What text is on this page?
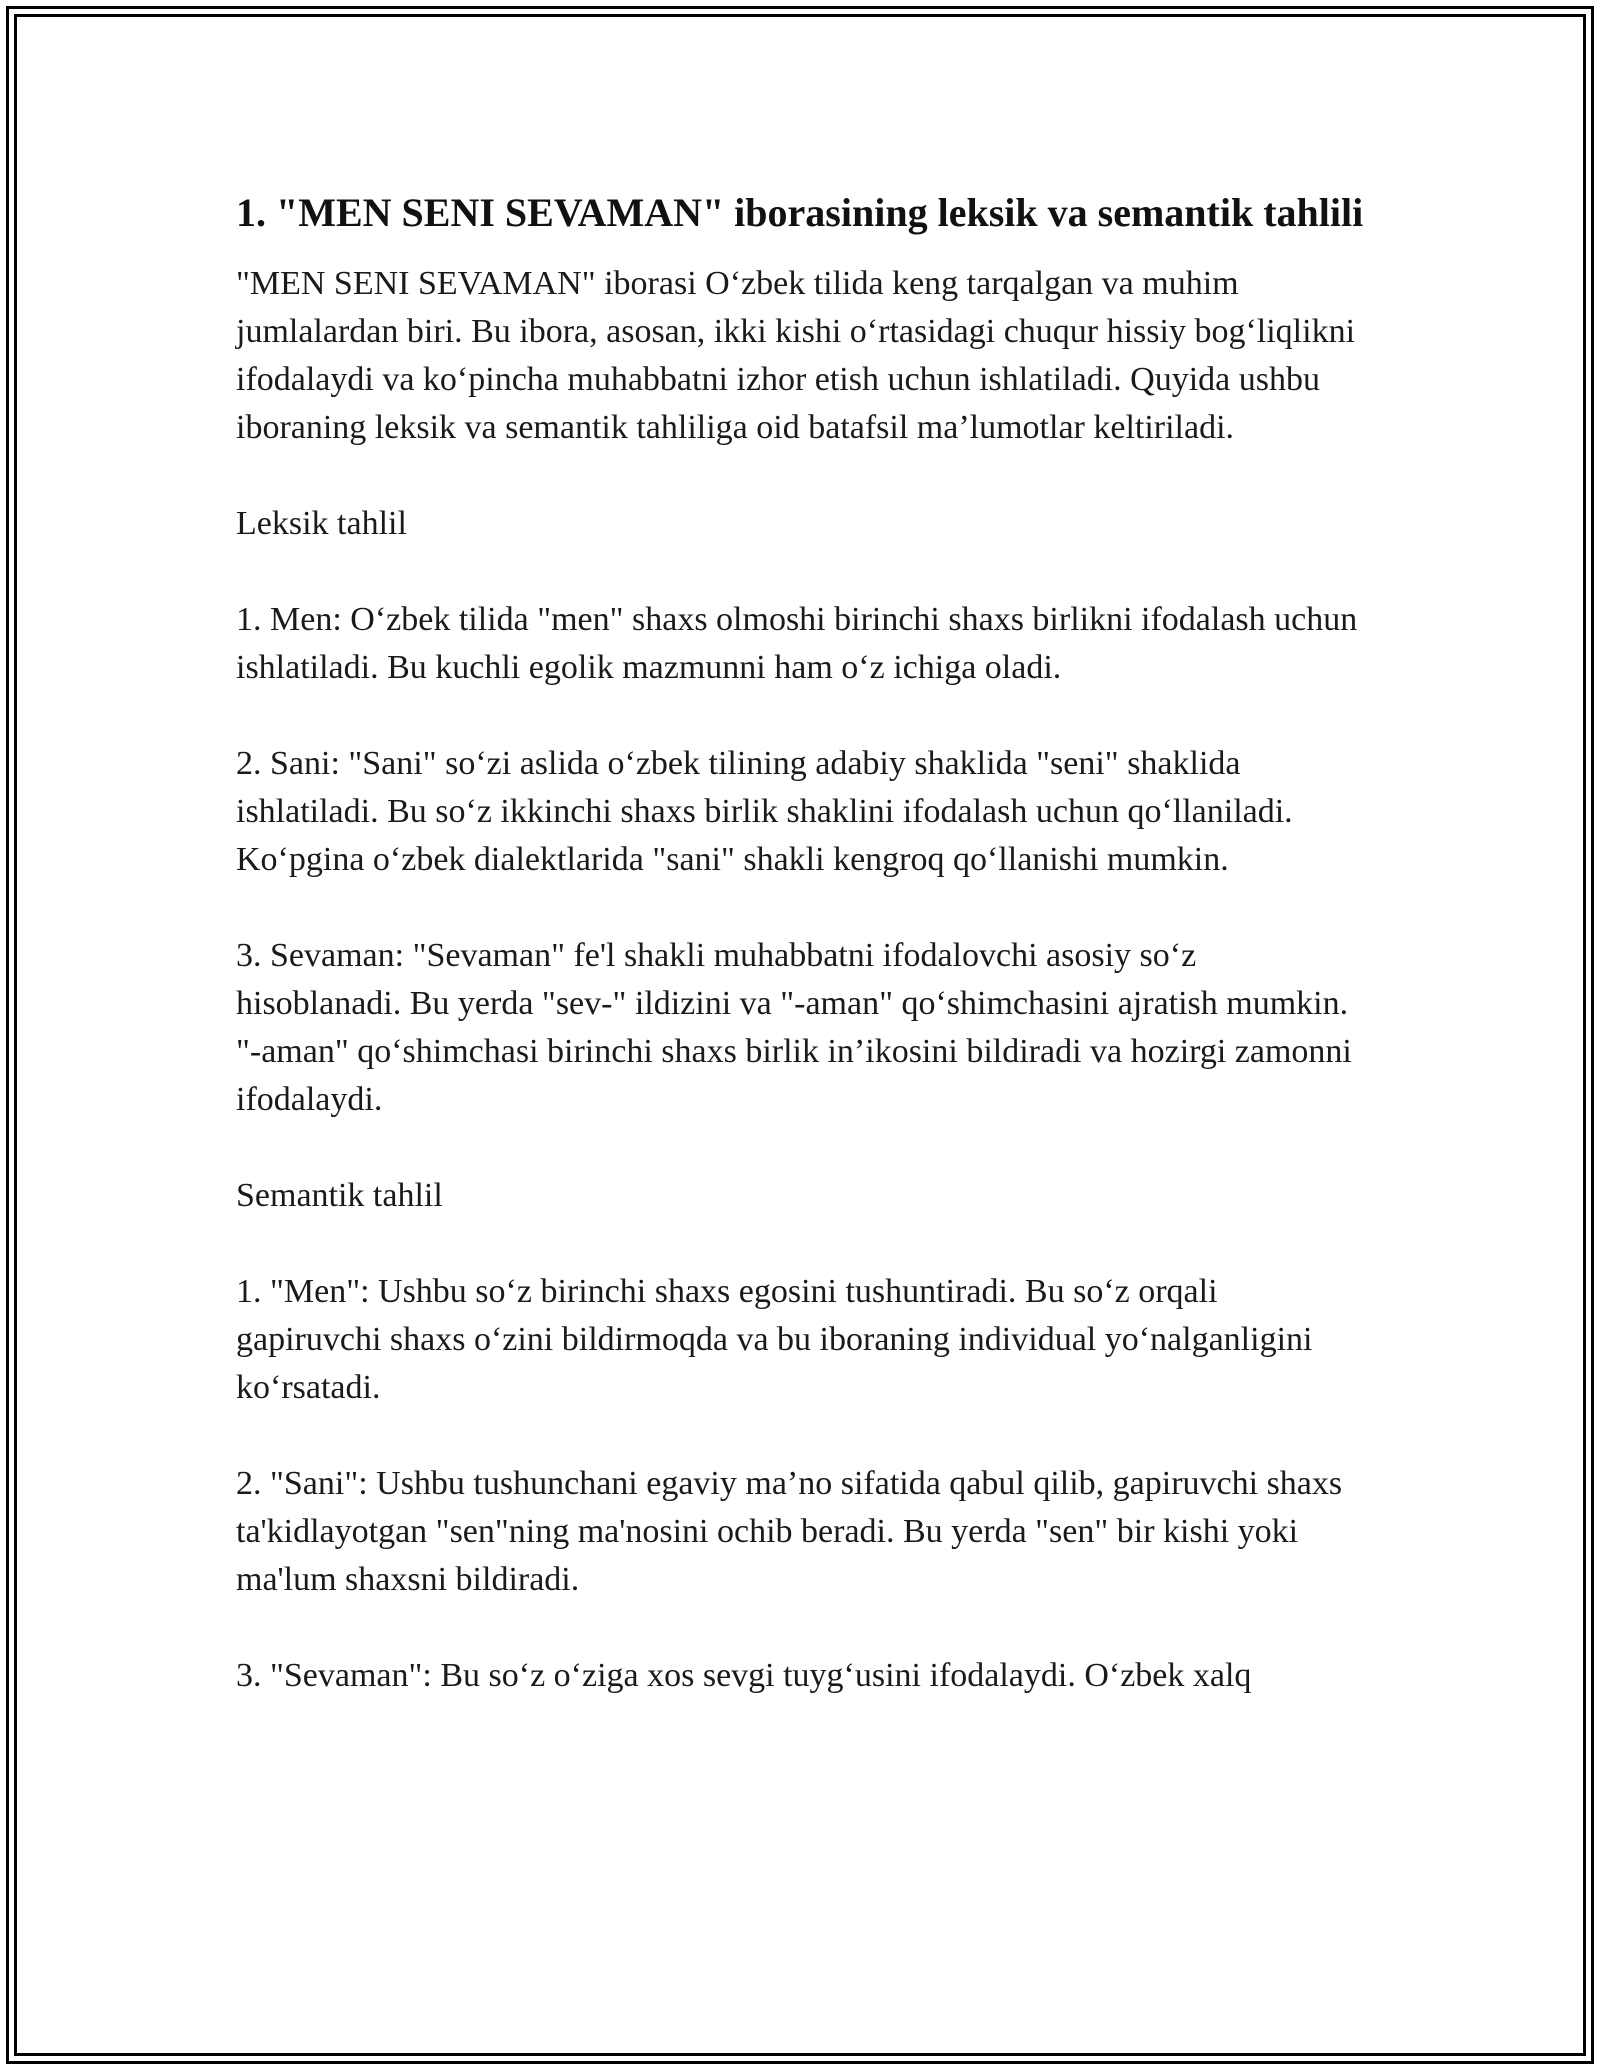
1. "MEN SENI SEVAMAN" iborasining leksik va semantik tahlili

"MEN SENI SEVAMAN" iborasi O‘zbek tilida keng tarqalgan va muhim jumlalardan biri. Bu ibora, asosan, ikki kishi o‘rtasidagi chuqur hissiy bog‘liqlikni ifodalaydi va ko‘pincha muhabbatni izhor etish uchun ishlatiladi. Quyida ushbu iboraning leksik va semantik tahliliga oid batafsil ma’lumotlar keltiriladi.

Leksik tahlil

1. Men: O‘zbek tilida "men" shaxs olmoshi birinchi shaxs birlikni ifodalash uchun ishlatiladi. Bu kuchli egolik mazmunni ham o‘z ichiga oladi.

2. Sani: "Sani" so‘zi aslida o‘zbek tilining adabiy shaklida "seni" shaklida ishlatiladi. Bu so‘z ikkinchi shaxs birlik shaklini ifodalash uchun qo‘llaniladi. Ko‘pgina o‘zbek dialektlarida "sani" shakli kengroq qo‘llanishi mumkin.

3. Sevaman: "Sevaman" fe'l shakli muhabbatni ifodalovchi asosiy so‘z hisoblanadi. Bu yerda "sev-" ildizini va "-aman" qo‘shimchasini ajratish mumkin. "-aman" qo‘shimchasi birinchi shaxs birlik in’ikosini bildiradi va hozirgi zamonni ifodalaydi.

Semantik tahlil

1. "Men": Ushbu so‘z birinchi shaxs egosini tushuntiradi. Bu so‘z orqali gapiruvchi shaxs o‘zini bildirmoqda va bu iboraning individual yo‘nalganligini ko‘rsatadi.

2. "Sani": Ushbu tushunchani egaviy ma’no sifatida qabul qilib, gapiruvchi shaxs ta'kidlayotgan "sen"ning ma'nosini ochib beradi. Bu yerda "sen" bir kishi yoki ma'lum shaxsni bildiradi.

3. "Sevaman": Bu so‘z o‘ziga xos sevgi tuyg‘usini ifodalaydi. O‘zbek xalq
